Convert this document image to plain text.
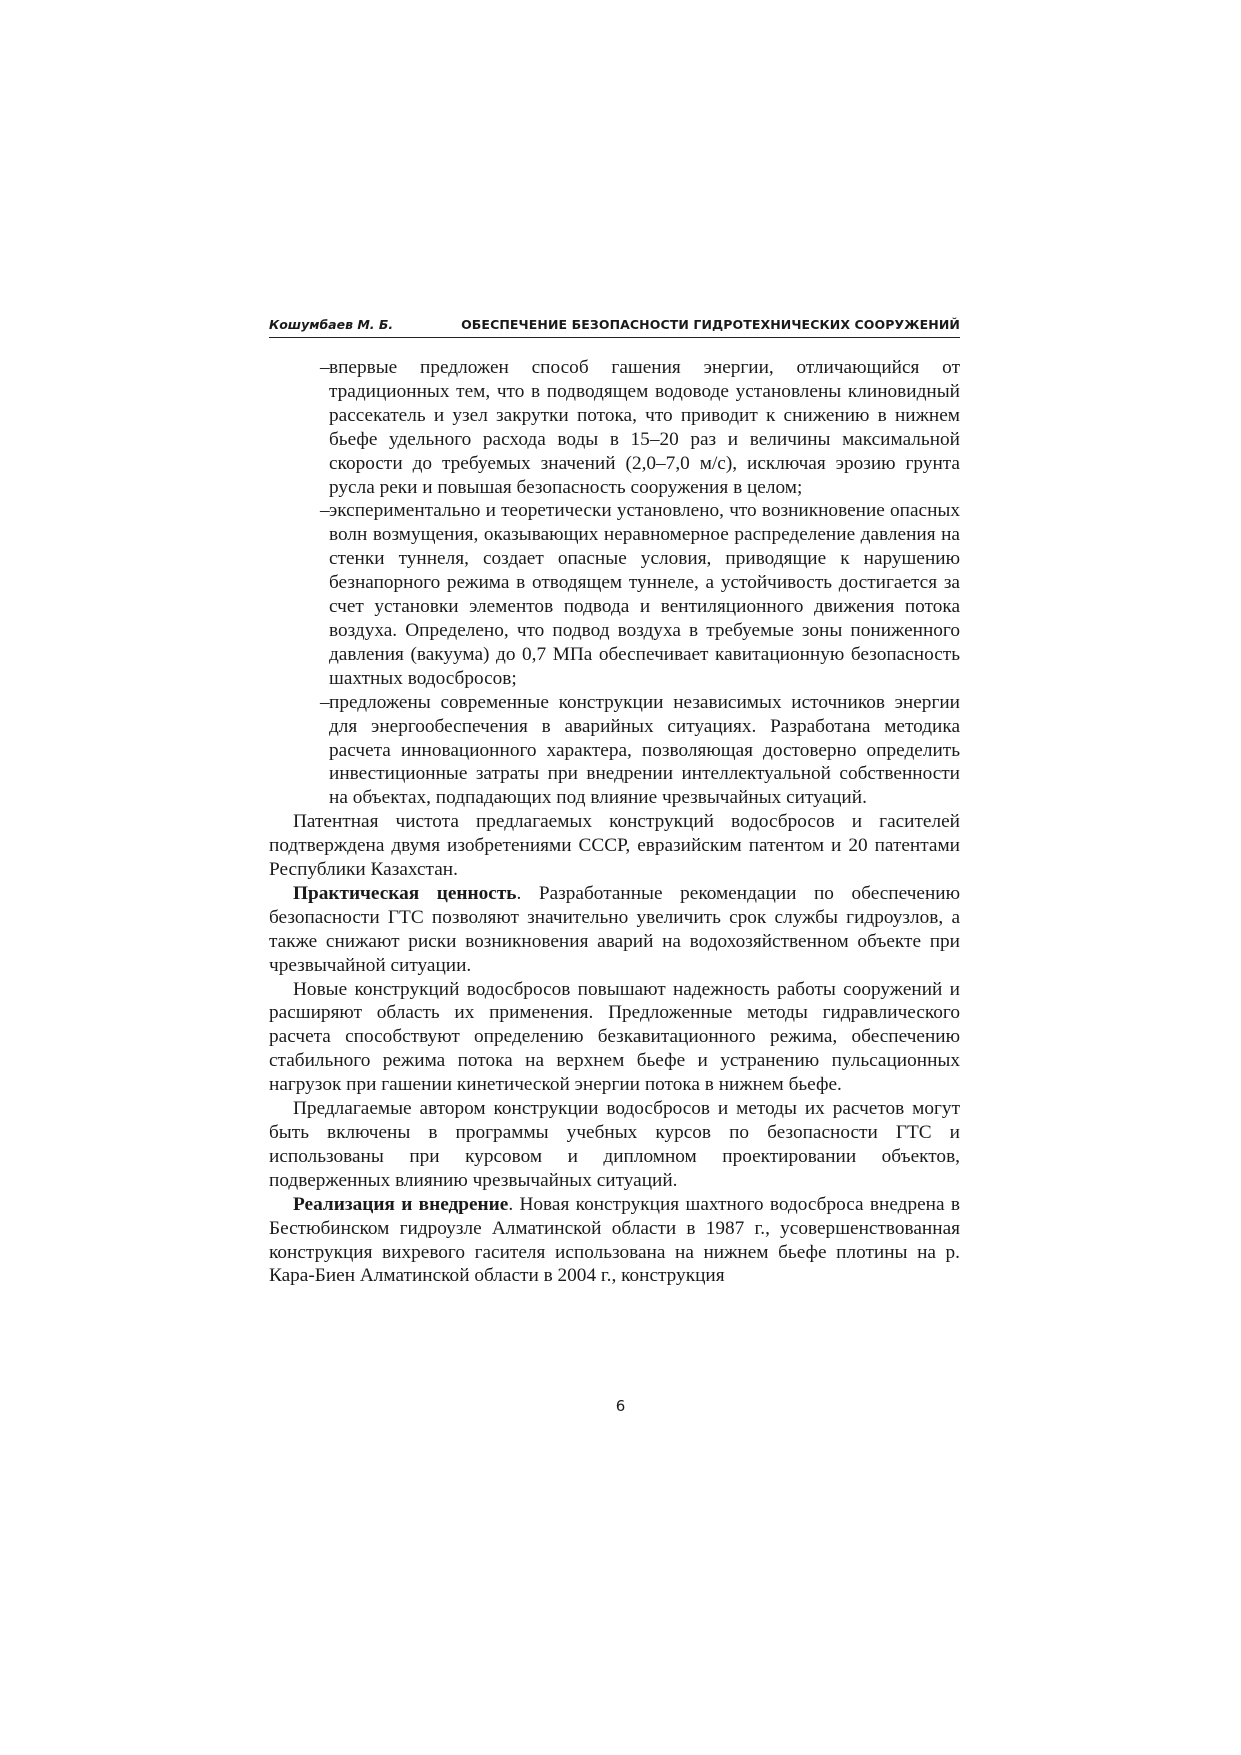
Кошумбаев М. Б.	ОБЕСПЕЧЕНИЕ БЕЗОПАСНОСТИ ГИДРОТЕХНИЧЕСКИХ СООРУЖЕНИЙ
– впервые предложен способ гашения энергии, отличающийся от традиционных тем, что в подводящем водоводе установлены клиновидный рассекатель и узел закрутки потока, что приводит к снижению в нижнем бьефе удельного расхода воды в 15–20 раз и величины максимальной скорости до требуемых значений (2,0–7,0 м/с), исключая эрозию грунта русла реки и повышая безопасность сооружения в целом;
– экспериментально и теоретически установлено, что возникновение опасных волн возмущения, оказывающих неравномерное распределение давления на стенки туннеля, создает опасные условия, приводящие к нарушению безнапорного режима в отводящем туннеле, а устойчивость достигается за счет установки элементов подвода и вентиляционного движения потока воздуха. Определено, что подвод воздуха в требуемые зоны пониженного давления (вакуума) до 0,7 МПа обеспечивает кавитационную безопасность шахтных водосбросов;
– предложены современные конструкции независимых источников энергии для энергообеспечения в аварийных ситуациях. Разработана методика расчета инновационного характера, позволяющая достоверно определить инвестиционные затраты при внедрении интеллектуальной собственности на объектах, подпадающих под влияние чрезвычайных ситуаций.

Патентная чистота предлагаемых конструкций водосбросов и гасителей подтверждена двумя изобретениями СССР, евразийским патентом и 20 патентами Республики Казахстан.

Практическая ценность. Разработанные рекомендации по обеспечению безопасности ГТС позволяют значительно увеличить срок службы гидроузлов, а также снижают риски возникновения аварий на водохозяйственном объекте при чрезвычайной ситуации.

Новые конструкций водосбросов повышают надежность работы сооружений и расширяют область их применения. Предложенные методы гидравлического расчета способствуют определению безкавитационного режима, обеспечению стабильного режима потока на верхнем бьефе и устранению пульсационных нагрузок при гашении кинетической энергии потока в нижнем бьефе.

Предлагаемые автором конструкции водосбросов и методы их расчетов могут быть включены в программы учебных курсов по безопасности ГТС и использованы при курсовом и дипломном проектировании объектов, подверженных влиянию чрезвычайных ситуаций.

Реализация и внедрение. Новая конструкция шахтного водосброса внедрена в Бестюбинском гидроузле Алматинской области в 1987 г., усовершенствованная конструкция вихревого гасителя использована на нижнем бьефе плотины на р. Кара-Биен Алматинской области в 2004 г., конструкция

6
